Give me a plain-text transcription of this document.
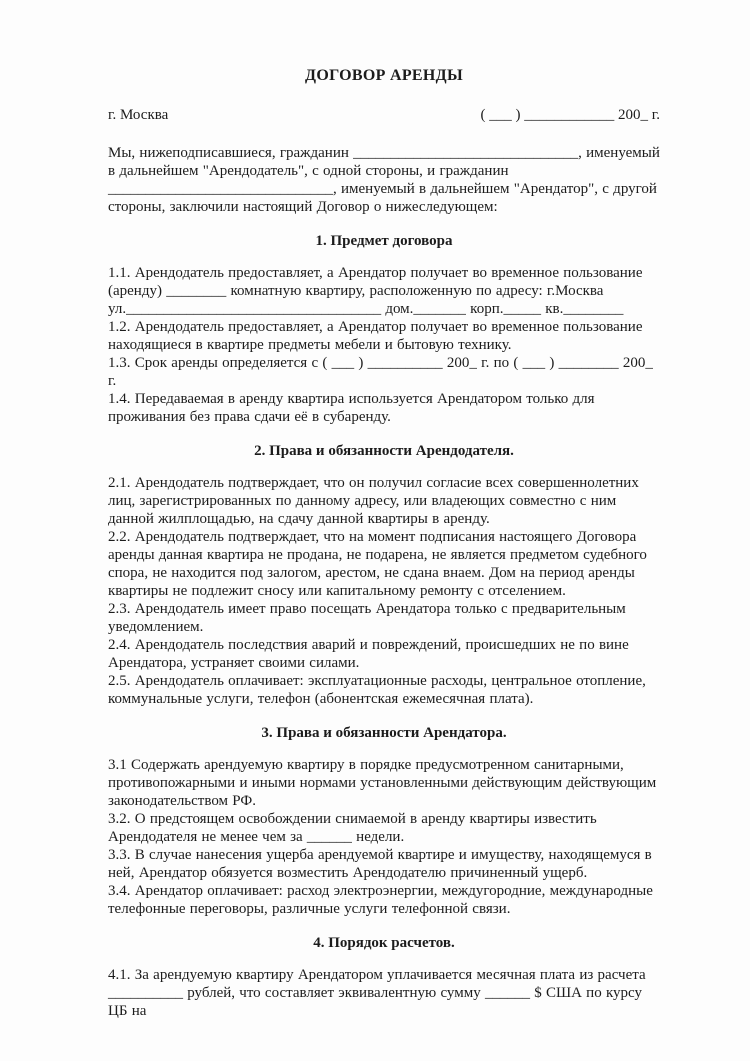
ДОГОВОР АРЕНДЫ
г. Москва	( ___ ) ____________ 200_ г.

Мы, нижеподписавшиеся, гражданин ______________________________, именуемый в дальнейшем "Арендодатель", с одной стороны, и гражданин ______________________________, именуемый в дальнейшем "Арендатор", с другой стороны, заключили настоящий Договор о нижеследующем:

1. Предмет договора

1.1. Арендодатель предоставляет, а Арендатор получает во временное пользование (аренду) ________ комнатную квартиру, расположенную по адресу: г.Москва

ул.__________________________________ дом._______ корп._____ кв.________

1.2. Арендодатель предоставляет, а Арендатор получает во временное пользование находящиеся в квартире предметы мебели и бытовую технику.

1.3. Срок аренды определяется с ( ___ ) __________ 200_ г. по ( ___ ) ________ 200_ г.

1.4. Передаваемая в аренду квартира используется Арендатором только для проживания без права сдачи её в субаренду.

2. Права и обязанности Арендодателя.

2.1. Арендодатель подтверждает, что он получил согласие всех совершеннолетних лиц, зарегистрированных по данному адресу, или владеющих совместно с ним данной жилплощадью, на сдачу данной квартиры в аренду.

2.2. Арендодатель подтверждает, что на момент подписания настоящего Договора аренды данная квартира не продана, не подарена, не является предметом судебного спора, не находится под залогом, арестом, не сдана внаем. Дом на период аренды квартиры не подлежит сносу или капитальному ремонту с отселением.

2.3. Арендодатель имеет право посещать Арендатора только с предварительным уведомлением.

2.4. Арендодатель последствия аварий и повреждений, происшедших не по вине Арендатора, устраняет своими силами.

2.5. Арендодатель оплачивает: эксплуатационные расходы, центральное отопление, коммунальные услуги, телефон (абонентская ежемесячная плата).

3. Права и обязанности Арендатора.

3.1 Содержать арендуемую квартиру в порядке предусмотренном санитарными, противопожарными и иными нормами установленными действующим действующим законодательством РФ.

3.2. О предстоящем освобождении снимаемой в аренду квартиры известить Арендодателя не менее чем за ______ недели.

3.3. В случае нанесения ущерба арендуемой квартире и имуществу, находящемуся в ней, Арендатор обязуется возместить Арендодателю причиненный ущерб.

3.4. Арендатор оплачивает: расход электроэнергии, междугородние, международные телефонные переговоры, различные услуги телефонной связи.

4. Порядок расчетов.

4.1. За арендуемую квартиру Арендатором уплачивается месячная плата из расчета __________ рублей, что составляет эквивалентную сумму ______ $ США по курсу ЦБ на
